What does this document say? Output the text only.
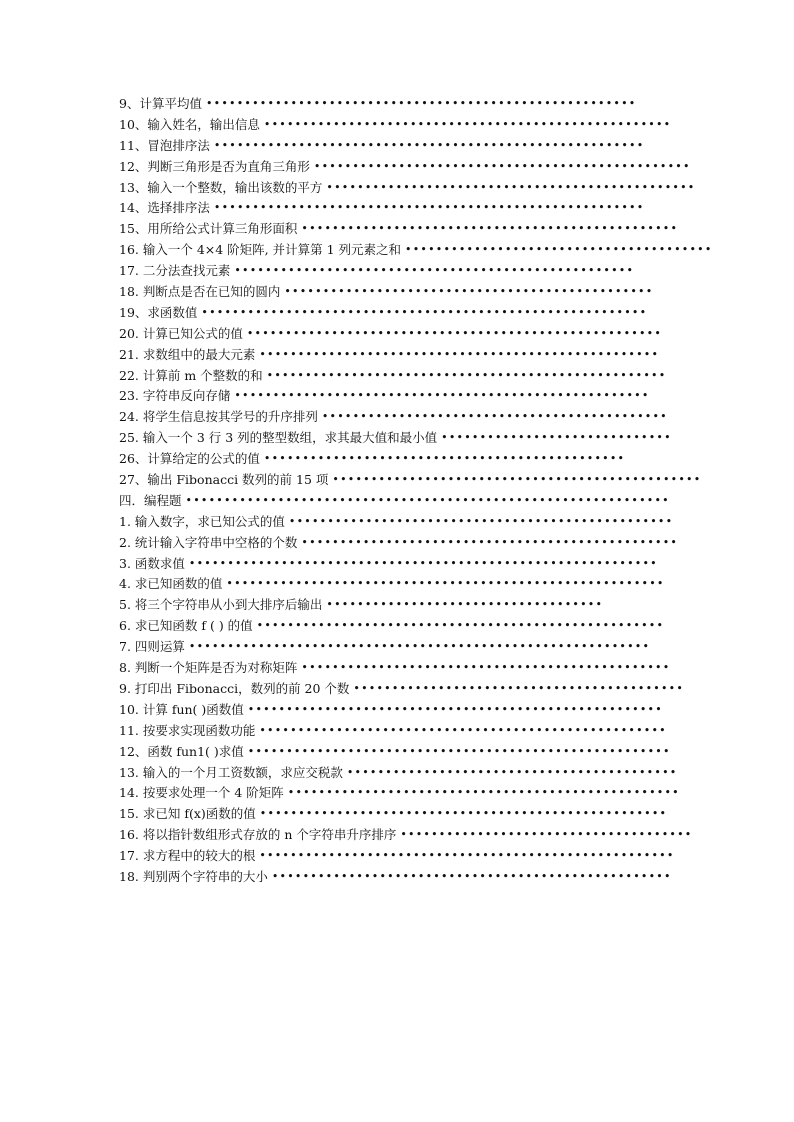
9、计算平均值 ••••••••••••••••••••••••••••••••••••••••••••••••••••••••
10、输入姓名，输出信息 •••••••••••••••••••••••••••••••••••••••••••••••••••••
11、冒泡排序法 ••••••••••••••••••••••••••••••••••••••••••••••••••••••••
12、判断三角形是否为直角三角形 •••••••••••••••••••••••••••••••••••••••••••••••••
13、输入一个整数，输出该数的平方 ••••••••••••••••••••••••••••••••••••••••••••••••
14、选择排序法 ••••••••••••••••••••••••••••••••••••••••••••••••••••••••
15、用所给公式计算三角形面积 •••••••••••••••••••••••••••••••••••••••••••••••••
16. 输入一个 4×4 阶矩阵, 并计算第 1 列元素之和 ••••••••••••••••••••••••••••••••••••••••
17. 二分法查找元素 ••••••••••••••••••••••••••••••••••••••••••••••••••••
18. 判断点是否在已知的圆内 ••••••••••••••••••••••••••••••••••••••••••••••••
19、求函数值 ••••••••••••••••••••••••••••••••••••••••••••••••••••••••••
20. 计算已知公式的值 ••••••••••••••••••••••••••••••••••••••••••••••••••••••
21. 求数组中的最大元素 ••••••••••••••••••••••••••••••••••••••••••••••••••••
22. 计算前 m 个整数的和 ••••••••••••••••••••••••••••••••••••••••••••••••••••
23. 字符串反向存储 ••••••••••••••••••••••••••••••••••••••••••••••••••••••
24. 将学生信息按其学号的升序排列 •••••••••••••••••••••••••••••••••••••••••••••
25. 输入一个 3 行 3 列的整型数组，求其最大值和最小值 ••••••••••••••••••••••••••••••
26、计算给定的公式的值 •••••••••••••••••••••••••••••••••••••••••••••••
27、输出 Fibonacci 数列的前 15 项 ••••••••••••••••••••••••••••••••••••••••••••••••
四．编程题 •••••••••••••••••••••••••••••••••••••••••••••••••••••••••••••••
1. 输入数字，求已知公式的值 ••••••••••••••••••••••••••••••••••••••••••••••••••
2. 统计输入字符串中空格的个数 •••••••••••••••••••••••••••••••••••••••••••••••••
3. 函数求值 •••••••••••••••••••••••••••••••••••••••••••••••••••••••••••••
4. 求已知函数的值 •••••••••••••••••••••••••••••••••••••••••••••••••••••••••
5. 将三个字符串从小到大排序后输出 ••••••••••••••••••••••••••••••••••••
6. 求已知函数 f ( ) 的值 •••••••••••••••••••••••••••••••••••••••••••••••••••••
7. 四则运算 ••••••••••••••••••••••••••••••••••••••••••••••••••••••••••••
8. 判断一个矩阵是否为对称矩阵 ••••••••••••••••••••••••••••••••••••••••••••••••
9. 打印出 Fibonacci，数列的前 20 个数 •••••••••••••••••••••••••••••••••••••••••••
10. 计算 fun( )函数值 ••••••••••••••••••••••••••••••••••••••••••••••••••••••
11. 按要求实现函数功能 •••••••••••••••••••••••••••••••••••••••••••••••••••••
12、函数 fun1( )求值 •••••••••••••••••••••••••••••••••••••••••••••••••••••••
13. 输入的一个月工资数额，求应交税款 •••••••••••••••••••••••••••••••••••••••••••
14. 按要求处理一个 4 阶矩阵 •••••••••••••••••••••••••••••••••••••••••••••••••••
15. 求已知 f(x)函数的值 •••••••••••••••••••••••••••••••••••••••••••••••••••••
16. 将以指针数组形式存放的 n 个字符串升序排序 ••••••••••••••••••••••••••••••••••••••
17. 求方程中的较大的根 ••••••••••••••••••••••••••••••••••••••••••••••••••••••
18. 判别两个字符串的大小 ••••••••••••••••••••••••••••••••••••••••••••••••••••
